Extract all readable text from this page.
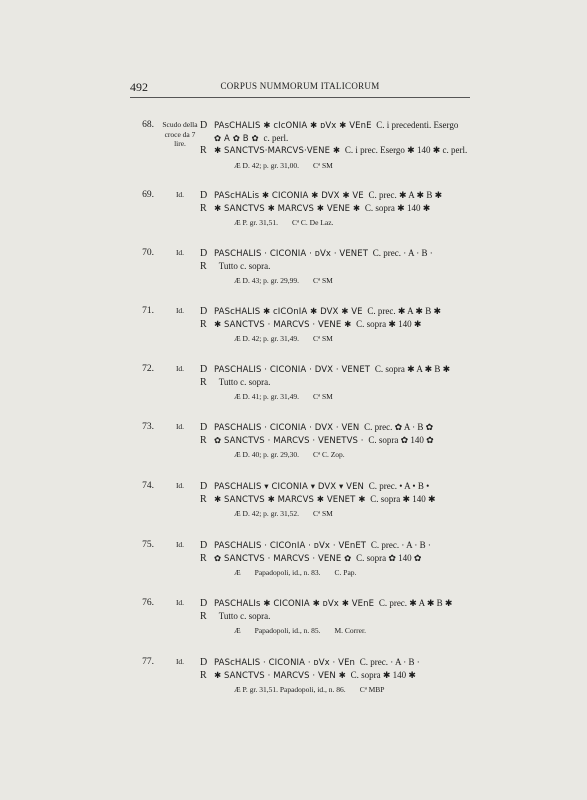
492	CORPUS NUMMORUM ITALICORUM
68.	Scudo della croce da 7 lire.
D PAsCHALIS ✱ cIcONIA ✱ ᴅVx ✱ VEnE C. i precedenti. Esergo
✿ A ✿ B ✿ c. perl.
R ✱ SANCTVS·MARCVS·VENE ✱ C. i prec. Esergo ✱ 140 ✱ c. perl.
Æ D. 42; p. gr. 31,00. Cª SM
69.	Id.	D PAScHALis ✱ CICONIA ✱ DVX ✱ VE C. prec. ✱ A ✱ B ✱
R ✱ SANCTVS ✱ MARCVS ✱ VENE ✱ C. sopra ✱ 140 ✱
Æ P. gr. 31,51. Cª C. De Laz.
70.	Id.	D PASCHALIS · CICONIA · ᴅVx · VENET C. prec. · A · B ·
R Tutto c. sopra.
Æ D. 43; p. gr. 29,99. Cª SM
71.	Id.	D PAScHALIS ✱ cICOnIA ✱ DVX ✱ VE C. prec. ✱ A ✱ B ✱
R ✱ SANCTVS · MARCVS · VENE ✱ C. sopra ✱ 140 ✱
Æ D. 42; p. gr. 31,49. Cª SM
72.	Id.	D PASCHALIS · CICONIA · DVX · VENET C. sopra ✱ A ✱ B ✱
R Tutto c. sopra.
Æ D. 41; p. gr. 31,49. Cª SM
73.	Id.	D PASCHALIS · CICONIA · DVX · VEN C. prec. ✿ A · B ✿
R ✿ SANCTVS · MARCVS · VENETVS · C. sopra ✿ 140 ✿
Æ D. 40; p. gr. 29,30. Cª C. Zop.
74.	Id.	D PASCHALIS ▾ CICONIA ▾ DVX ▾ VEN C. prec. • A • B •
R ✱ SANCTVS ✱ MARCVS ✱ VENET ✱ C. sopra ✱ 140 ✱
Æ D. 42; p. gr. 31,52. Cª SM
75.	Id.	D PASCHALIS · CICOnIA · ᴅVx · VEnET C. prec. · A · B ·
R ✿ SANCTVS · MARCVS · VENE ✿ C. sopra ✿ 140 ✿
Æ Papadopoli, id., n. 83. C. Pap.
76.	Id.	D PASCHALIs ✱ CICONIA ✱ ᴅVx ✱ VEnE C. prec. ✱ A ✱ B ✱
R Tutto c. sopra.
Æ Papadopoli, id., n. 85. M. Correr.
77.	Id.	D PAScHALIS · CICONIA · ᴅVx · VEn C. prec. · A · B ·
R ✱ SANCTVS · MARCVS · VEN ✱ C. sopra ✱ 140 ✱
Æ P. gr. 31,51. Papadopoli, id., n. 86. Cª MBP
